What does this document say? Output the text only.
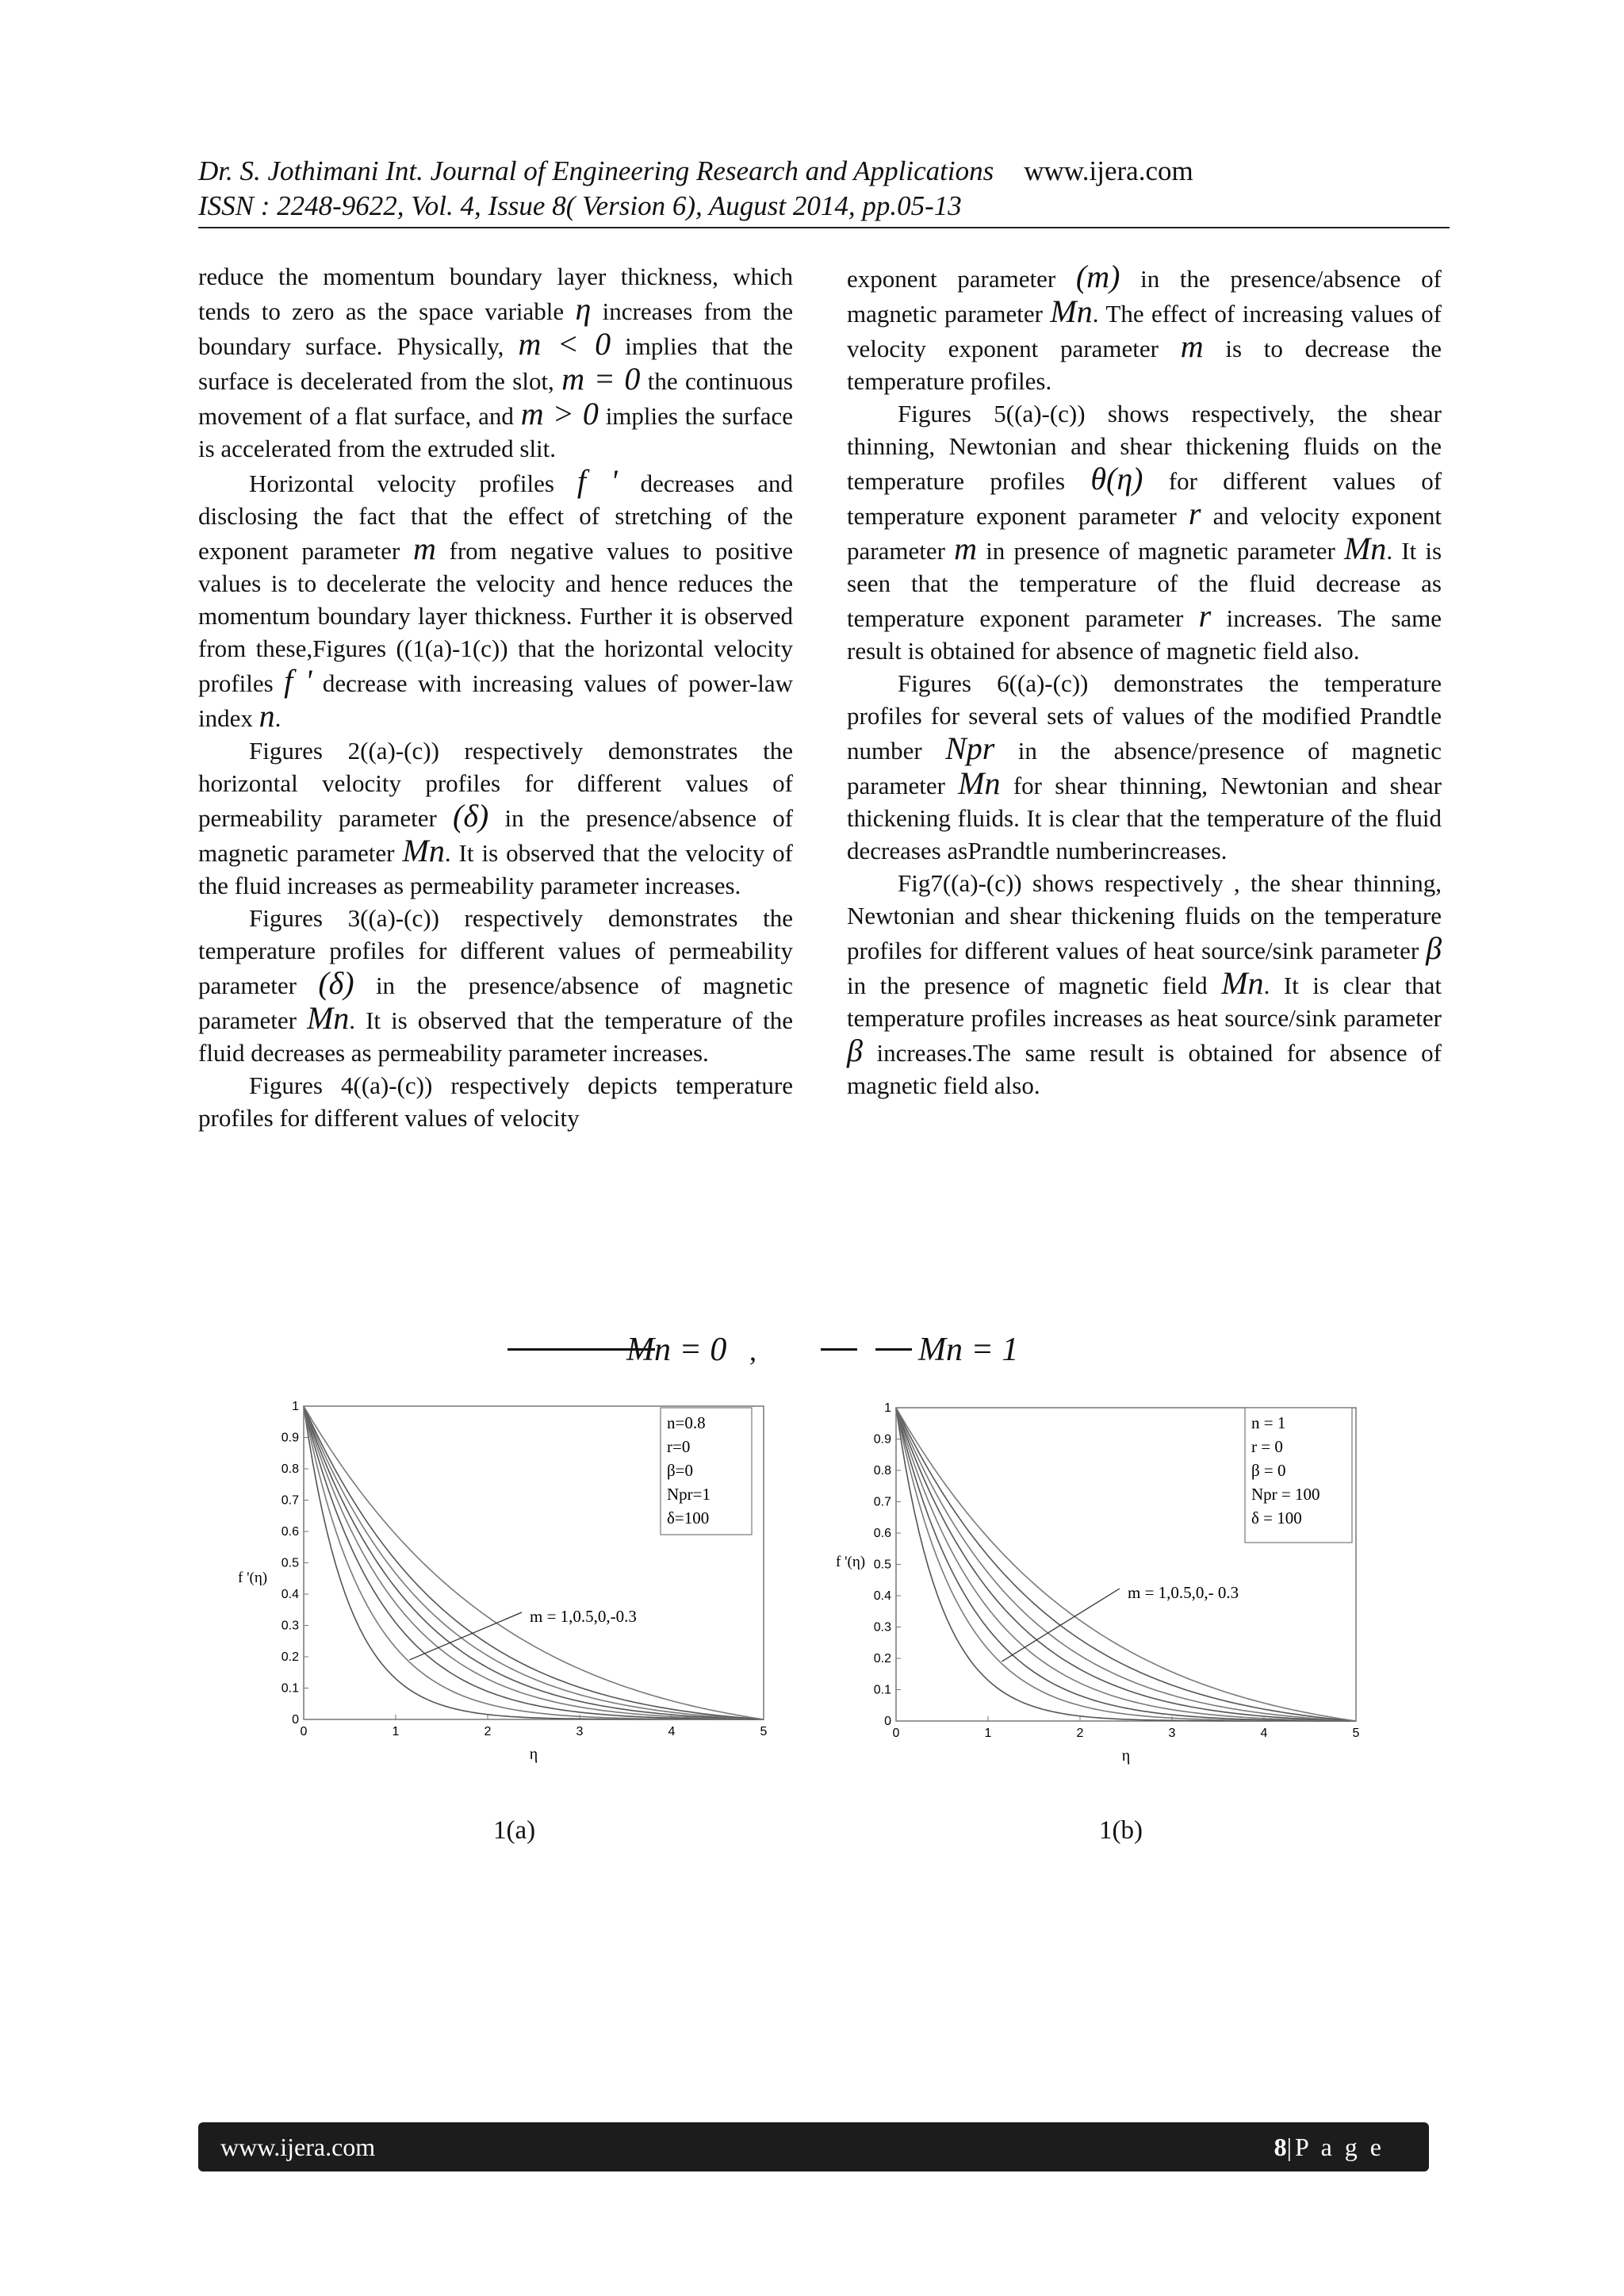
Dr. S. Jothimani Int. Journal of Engineering Research and Applications www.ijera.com
ISSN : 2248-9622, Vol. 4, Issue 8( Version 6), August 2014, pp.05-13

reduce the momentum boundary layer thickness, which tends to zero as the space variable η increases from the boundary surface. Physically, m < 0 implies that the surface is decelerated from the slot, m = 0 the continuous movement of a flat surface, and m > 0 implies the surface is accelerated from the extruded slit.

Horizontal velocity profiles f ' decreases and disclosing the fact that the effect of stretching of the exponent parameter m from negative values to positive values is to decelerate the velocity and hence reduces the momentum boundary layer thickness. Further it is observed from these,Figures ((1(a)-1(c)) that the horizontal velocity profiles f ' decrease with increasing values of power-law index n.

Figures 2((a)-(c)) respectively demonstrates the horizontal velocity profiles for different values of permeability parameter (δ) in the presence/absence of magnetic parameter Mn. It is observed that the velocity of the fluid increases as permeability parameter increases.

Figures 3((a)-(c)) respectively demonstrates the temperature profiles for different values of permeability parameter (δ) in the presence/absence of magnetic parameter Mn. It is observed that the temperature of the fluid decreases as permeability parameter increases.

Figures 4((a)-(c)) respectively depicts temperature profiles for different values of velocity

exponent parameter (m) in the presence/absence of magnetic parameter Mn. The effect of increasing values of velocity exponent parameter m is to decrease the temperature profiles.

Figures 5((a)-(c)) shows respectively, the shear thinning, Newtonian and shear thickening fluids on the temperature profiles θ(η) for different values of temperature exponent parameter r and velocity exponent parameter m in presence of magnetic parameter Mn. It is seen that the temperature of the fluid decrease as temperature exponent parameter r increases. The same result is obtained for absence of magnetic field also.

Figures 6((a)-(c)) demonstrates the temperature profiles for several sets of values of the modified Prandtle number Npr in the absence/presence of magnetic parameter Mn for shear thinning, Newtonian and shear thickening fluids. It is clear that the temperature of the fluid decreases asPrandtle numberincreases.

Fig7((a)-(c)) shows respectively , the shear thinning, Newtonian and shear thickening fluids on the temperature profiles for different values of heat source/sink parameter β in the presence of magnetic field Mn. It is clear that temperature profiles increases as heat source/sink parameter β increases.The same result is obtained for absence of magnetic field also.

Mn = 0 ,	Mn = 1
0	1	2	3	4	5
0
0.1
0.2
0.3
0.4
0.5
0.6
0.7
0.8
0.9
1
η
f '(η)
n=0.8
r=0
β=0
Npr=1
δ=100
m = 1,0.5,0,-0.3
0	1	2	3	4	5
0
0.1
0.2
0.3
0.4
0.5
0.6
0.7
0.8
0.9
1
η
f '(η)
n = 1
r = 0
β = 0
Npr = 100
δ = 100
m = 1,0.5,0,- 0.3
1(a)	1(b)
www.ijera.com	8|P a g e
